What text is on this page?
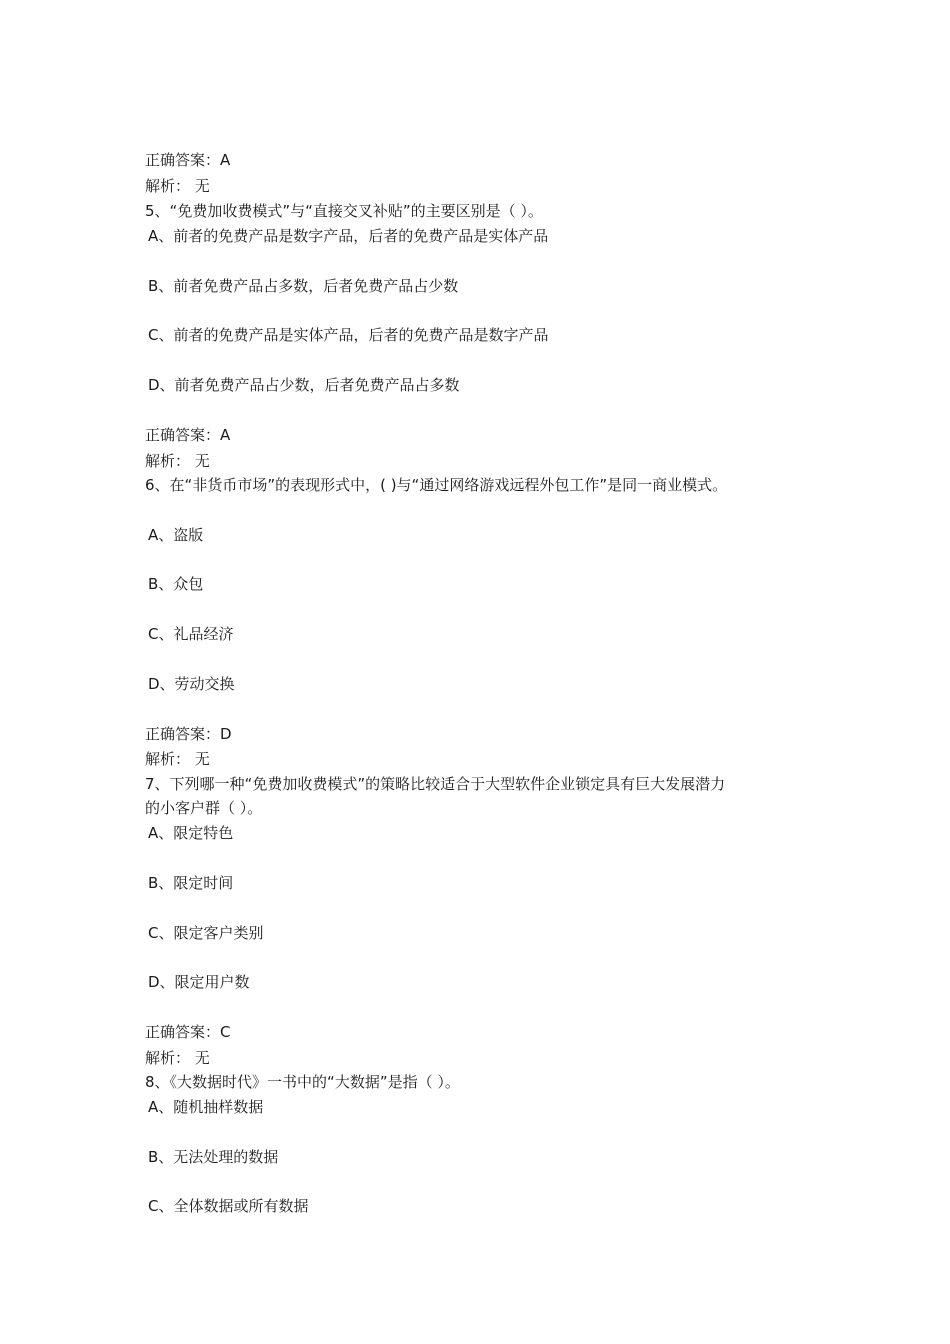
正确答案：A
解析： 无
5、“免费加收费模式”与“直接交叉补贴”的主要区别是（ ）。
A、前者的免费产品是数字产品，后者的免费产品是实体产品
B、前者免费产品占多数，后者免费产品占少数
C、前者的免费产品是实体产品，后者的免费产品是数字产品
D、前者免费产品占少数，后者免费产品占多数
正确答案：A
解析： 无
6、在“非货币市场”的表现形式中，( )与“通过网络游戏远程外包工作”是同一商业模式。
A、盗版
B、众包
C、礼品经济
D、劳动交换
正确答案：D
解析： 无
7、下列哪一种“免费加收费模式”的策略比较适合于大型软件企业锁定具有巨大发展潜力
的小客户群（ ）。
A、限定特色
B、限定时间
C、限定客户类别
D、限定用户数
正确答案：C
解析： 无
8、《大数据时代》一书中的“大数据”是指（ ）。
A、随机抽样数据
B、无法处理的数据
C、全体数据或所有数据
